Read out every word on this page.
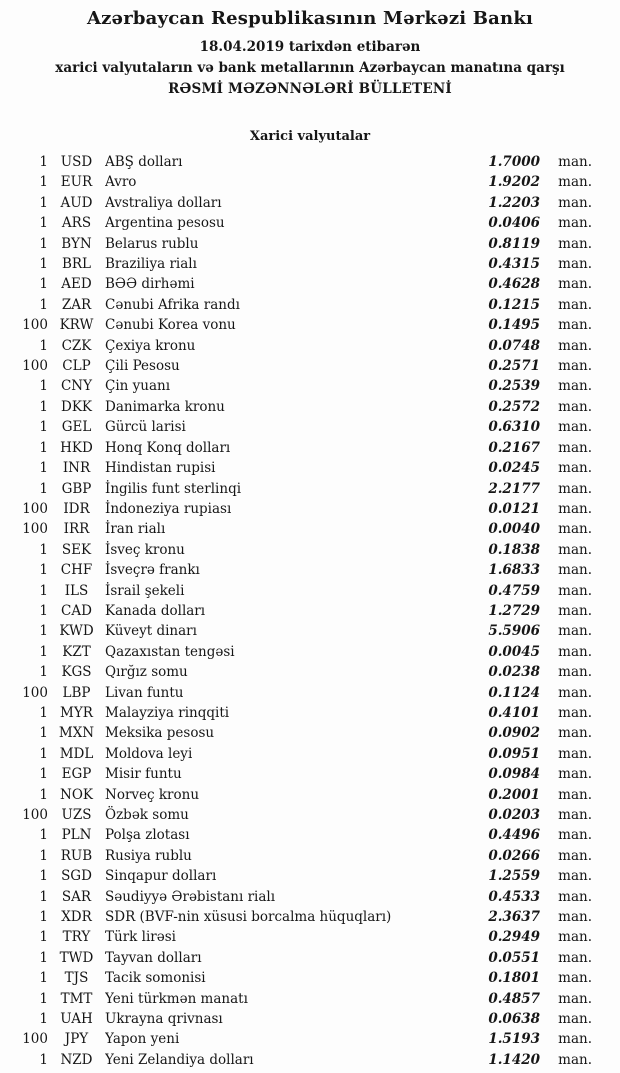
Azərbaycan Respublikasının Mərkəzi Bankı
18.04.2019 tarixdən etibarən
xarici valyutaların və bank metallarının Azərbaycan manatına qarşı
RƏSMİ MƏZƏNNƏLƏRİ BÜLLETENİ
Xarici valyutalar
1 USD ABŞ dolları	1.7000	man.
1 EUR Avro	1.9202	man.
1 AUD Avstraliya dolları	1.2203	man.
1	ARS	Argentina pesosu	0.0406	man.
1 BYN Belarus rublu	0.8119	man.
1	BRL	Braziliya rialı	0.4315	man.
1 AED BƏƏ dirhəmi	0.4628	man.
1	ZAR	Cənubi Afrika randı	0.1215	man.
100 KRW Cənubi Korea vonu	0.1495	man.
1	CZK	Çexiya kronu	0.0748	man.
100	CLP	Çili Pesosu	0.2571	man.
1 CNY Çin yuanı	0.2539	man.
1 DKK Danimarka kronu	0.2572	man.
1	GEL	Gürcü larisi	0.6310	man.
1 HKD Honq Konq dolları	0.2167	man.
1	INR	Hindistan rupisi	0.0245	man.
1	GBP	İngilis funt sterlinqi	2.2177	man.
100	IDR	İndoneziya rupiası	0.0121	man.
100	IRR	İran rialı	0.0040	man.
1	SEK	İsveç kronu	0.1838	man.
1 CHF İsveçrə frankı	1.6833	man.
1	ILS	İsrail şekeli	0.4759	man.
1 CAD Kanada dolları	1.2729	man.
1 KWD Küveyt dinarı	5.5906	man.
1	KZT	Qazaxıstan tengəsi	0.0045	man.
1 KGS Qırğız somu	0.0238	man.
100	LBP	Livan funtu	0.1124	man.
1 MYR Malayziya rinqqiti	0.4101	man.
1 MXN Meksika pesosu	0.0902	man.
1 MDL Moldova leyi	0.0951	man.
1	EGP	Misir funtu	0.0984	man.
1 NOK Norveç kronu	0.2001	man.
100 UZS	Özbək somu	0.0203	man.
1	PLN	Polşa zlotası	0.4496	man.
1 RUB Rusiya rublu	0.0266	man.
1 SGD Sinqapur dolları	1.2559	man.
1	SAR	Səudiyyə Ərəbistanı rialı	0.4533	man.
1 XDR SDR (BVF-nin xüsusi borcalma hüquqları)	2.3637	man.
1	TRY	Türk lirəsi	0.2949	man.
1 TWD Tayvan dolları	0.0551	man.
1	TJS	Tacik somonisi	0.1801	man.
1 TMT Yeni türkmən manatı	0.4857	man.
1 UAH Ukrayna qrivnası	0.0638	man.
100	JPY	Yapon yeni	1.5193	man.
1 NZD Yeni Zelandiya dolları	1.1420	man.
